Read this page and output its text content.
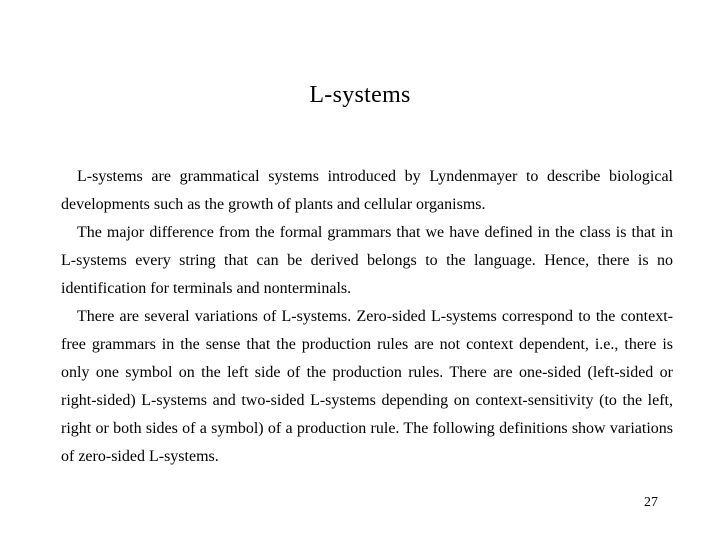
L-systems

L-systems are grammatical systems introduced by Lyndenmayer to describe biological developments such as the growth of plants and cellular organisms.

The major difference from the formal grammars that we have defined in the class is that in L-systems every string that can be derived belongs to the language. Hence, there is no identification for terminals and nonterminals.

There are several variations of L-systems. Zero-sided L-systems correspond to the context-free grammars in the sense that the production rules are not context dependent, i.e., there is only one symbol on the left side of the production rules. There are one-sided (left-sided or right-sided) L-systems and two-sided L-systems depending on context-sensitivity (to the left, right or both sides of a symbol) of a production rule. The following definitions show variations of zero-sided L-systems.

27
